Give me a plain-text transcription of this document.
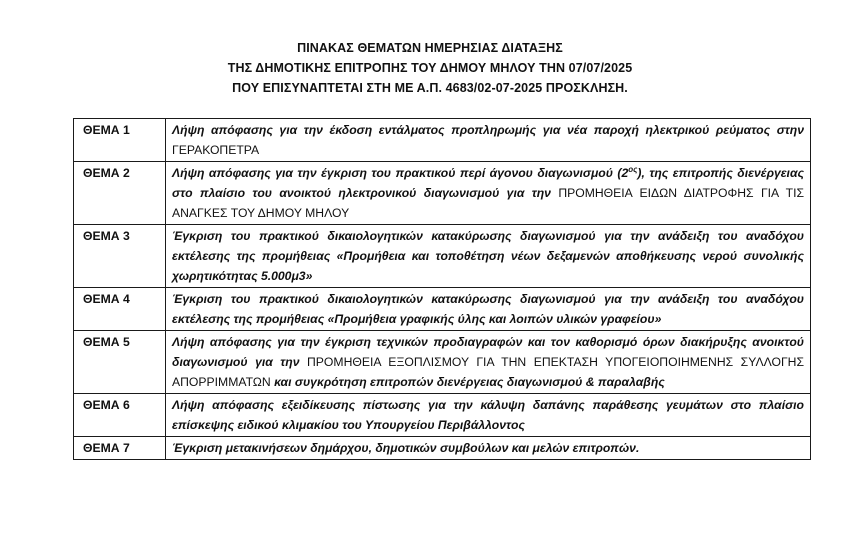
ΠΙΝΑΚΑΣ ΘΕΜΑΤΩΝ ΗΜΕΡΗΣΙΑΣ ΔΙΑΤΑΞΗΣ
ΤΗΣ ΔΗΜΟΤΙΚΗΣ ΕΠΙΤΡΟΠΗΣ ΤΟΥ ΔΗΜΟΥ ΜΗΛΟΥ ΤΗΝ 07/07/2025
ΠΟΥ ΕΠΙΣΥΝΑΠΤΕΤΑΙ ΣΤΗ ΜΕ Α.Π. 4683/02-07-2025 ΠΡΟΣΚΛΗΣΗ.
ΘΕΜΑ 1	Λήψη απόφασης για την έκδοση εντάλματος προπληρωμής για νέα παροχή ηλεκτρικού ρεύματος στην ΓΕΡΑΚΟΠΕΤΡΑ
ΘΕΜΑ 2	Λήψη απόφασης για την έγκριση του πρακτικού περί άγονου διαγωνισμού $(2^{o\varsigma})$, της επιτροπής διενέργειας στο πλαίσιο του ανοικτού ηλεκτρονικού διαγωνισμού για την ΠΡΟΜΗΘΕΙΑ ΕΙΔΩΝ ΔΙΑΤΡΟΦΗΣ ΓΙΑ ΤΙΣ ΑΝΑΓΚΕΣ ΤΟΥ ΔΗΜΟΥ ΜΗΛΟΥ
ΘΕΜΑ 3	Έγκριση του πρακτικού δικαιολογητικών κατακύρωσης διαγωνισμού για την ανάδειξη του αναδόχου εκτέλεσης της προμήθειας «Προμήθεια και τοποθέτηση νέων δεξαμενών αποθήκευσης νερού συνολικής χωρητικότητας 5.000μ3»
ΘΕΜΑ 4	Έγκριση του πρακτικού δικαιολογητικών κατακύρωσης διαγωνισμού για την ανάδειξη του αναδόχου εκτέλεσης της προμήθειας «Προμήθεια γραφικής ύλης και λοιπών υλικών γραφείου»
ΘΕΜΑ 5	Λήψη απόφασης για την έγκριση τεχνικών προδιαγραφών και τον καθορισμό όρων διακήρυξης ανοικτού διαγωνισμού για την ΠΡΟΜΗΘΕΙΑ ΕΞΟΠΛΙΣΜΟΥ ΓΙΑ ΤΗΝ ΕΠΕΚΤΑΣΗ ΥΠΟΓΕΙΟΠΟΙΗΜΕΝΗΣ ΣΥΛΛΟΓΗΣ ΑΠΟΡΡΙΜΜΑΤΩΝ και συγκρότηση επιτροπών διενέργειας διαγωνισμού & παραλαβής
ΘΕΜΑ 6	Λήψη απόφασης εξειδίκευσης πίστωσης για την κάλυψη δαπάνης παράθεσης γευμάτων στο πλαίσιο επίσκεψης ειδικού κλιμακίου του Υπουργείου Περιβάλλοντος
ΘΕΜΑ 7	Έγκριση μετακινήσεων δημάρχου, δημοτικών συμβούλων και μελών επιτροπών.
